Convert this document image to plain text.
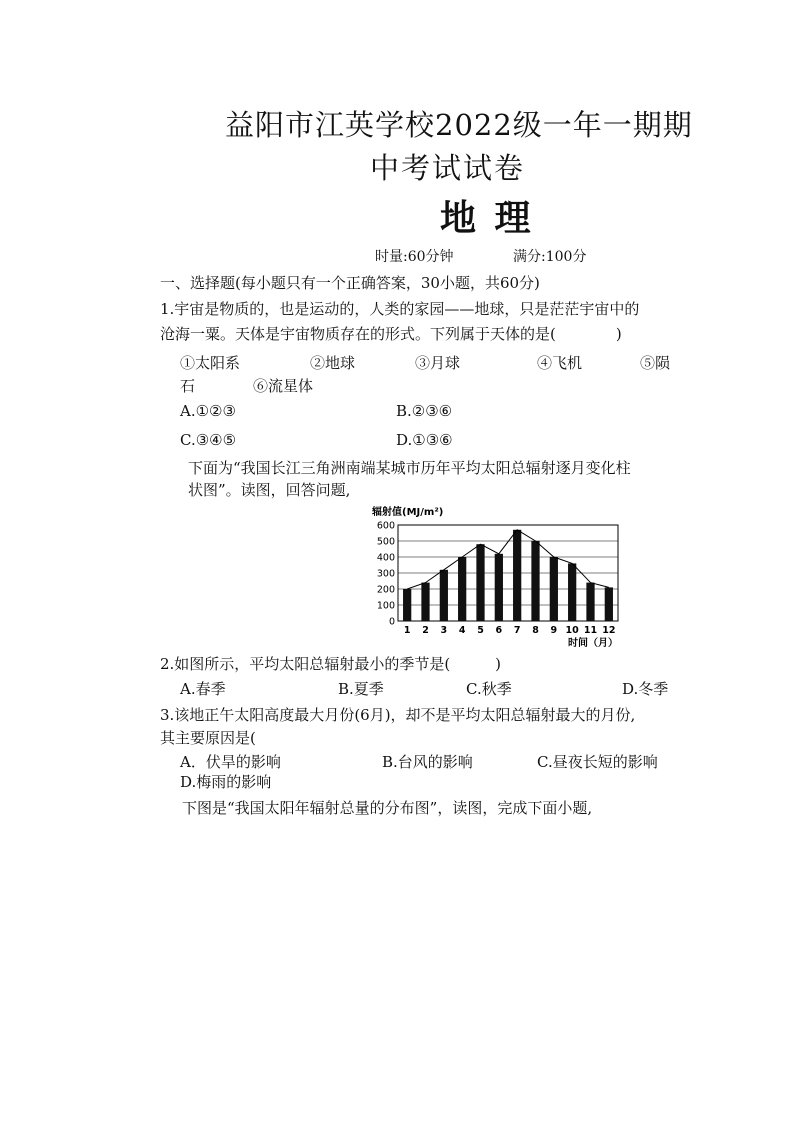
益阳市江英学校2022级一年一期期
中考试试卷
地 理
时量:60分钟	满分:100分
一、选择题(每小题只有一个正确答案，30小题，共60分)
1.宇宙是物质的，也是运动的，人类的家园——地球，只是茫茫宇宙中的
沧海一粟。天体是宇宙物质存在的形式。下列属于天体的是(　　　　)
①太阳系	②地球	③月球	④飞机	⑤陨
石	⑥流星体
A.①②③	B.②③⑥
C.③④⑤	D.①③⑥
下面为“我国长江三角洲南端某城市历年平均太阳总辐射逐月变化柱
状图”。读图，回答问题,
辐射值(MJ/m²)
0
100
200
300
400
500
600
1 2 3 4 5 6 7 8 9 10 11 12
时间（月）
2.如图所示，平均太阳总辐射最小的季节是(　　　)
A.春季	B.夏季	C.秋季	D.冬季
3.该地正午太阳高度最大月份(6月)，却不是平均太阳总辐射最大的月份,
其主要原因是(
A．伏旱的影响	B.台风的影响	C.昼夜长短的影响
D.梅雨的影响
下图是“我国太阳年辐射总量的分布图”，读图，完成下面小题,
